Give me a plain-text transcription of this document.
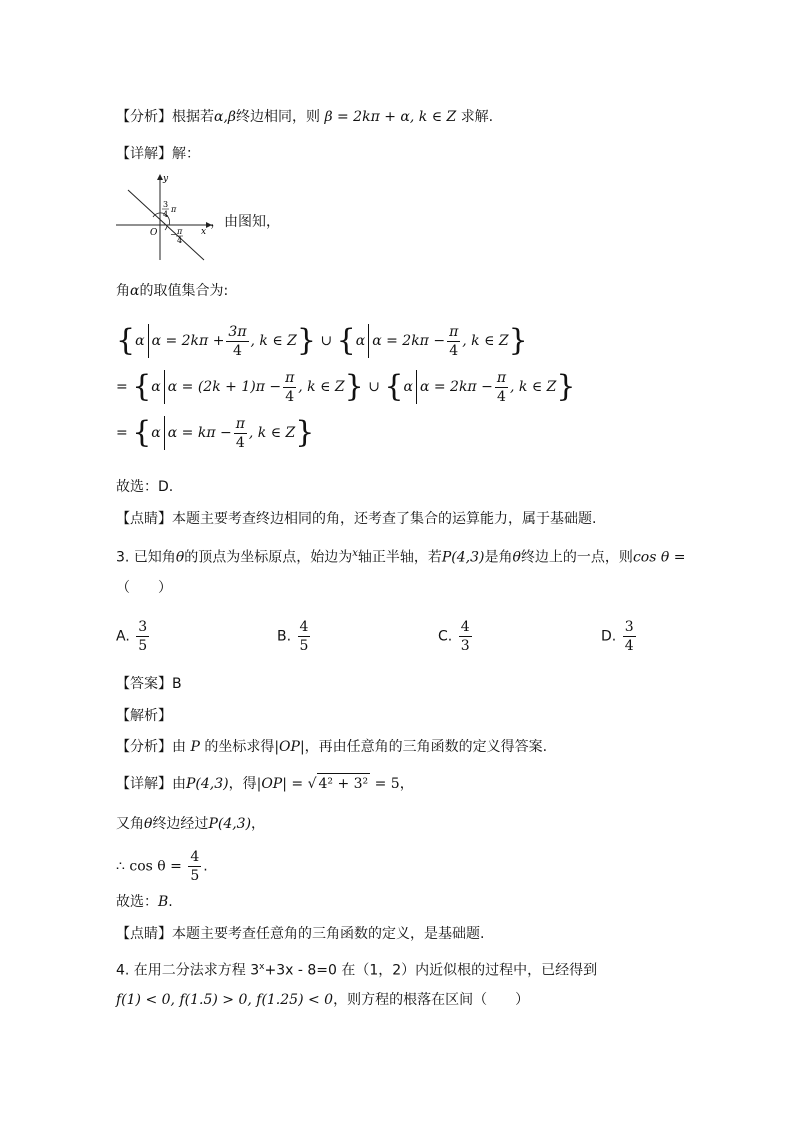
【分析】根据若α,β终边相同，则 β = 2kπ + α, k ∈ Z 求解.
【详解】解：
y
x
O
3
4
π
− π
4
，由图知，
角α的取值集合为:
{α $\alpha = 2k\pi + \frac{3\pi}{4}$ , k ∈ Z} ∪ {α $\alpha = 2k\pi - \frac{\pi}{4}$ , k ∈ Z}
= {α $\alpha = (2k + 1)\pi - \frac{\pi}{4}$ , k ∈ Z} ∪ {α $\alpha = 2k\pi - \frac{\pi}{4}$ , k ∈ Z}
= {α $\alpha = k\pi - \frac{\pi}{4}$ , k ∈ Z}
故选：D.
【点睛】本题主要考查终边相同的角，还考查了集合的运算能力，属于基础题.
3. 已知角θ的顶点为坐标原点，始边为$^x$轴正半轴，若P(4,3)是角θ终边上的一点，则cos θ =
（　　）
A. $\frac{3}{5}$	B. $\frac{4}{5}$	C. $\frac{4}{3}$	D. $\frac{3}{4}$
【答案】B
【解析】
【分析】由 P 的坐标求得|OP|，再由任意角的三角函数的定义得答案.
【详解】由P(4,3)，得|OP| = √ 4² + 3² = 5，
又角θ终边经过P(4,3)，
∴ $\cos \theta = \frac{4}{5}$ .
故选：B.
【点睛】本题主要考查任意角的三角函数的定义，是基础题.
4. 在用二分法求方程 $3^x+3x - 8=0$ 在（1，2）内近似根的过程中，已经得到
f(1) < 0, f(1.5) > 0, f(1.25) < 0，则方程的根落在区间（　　）
